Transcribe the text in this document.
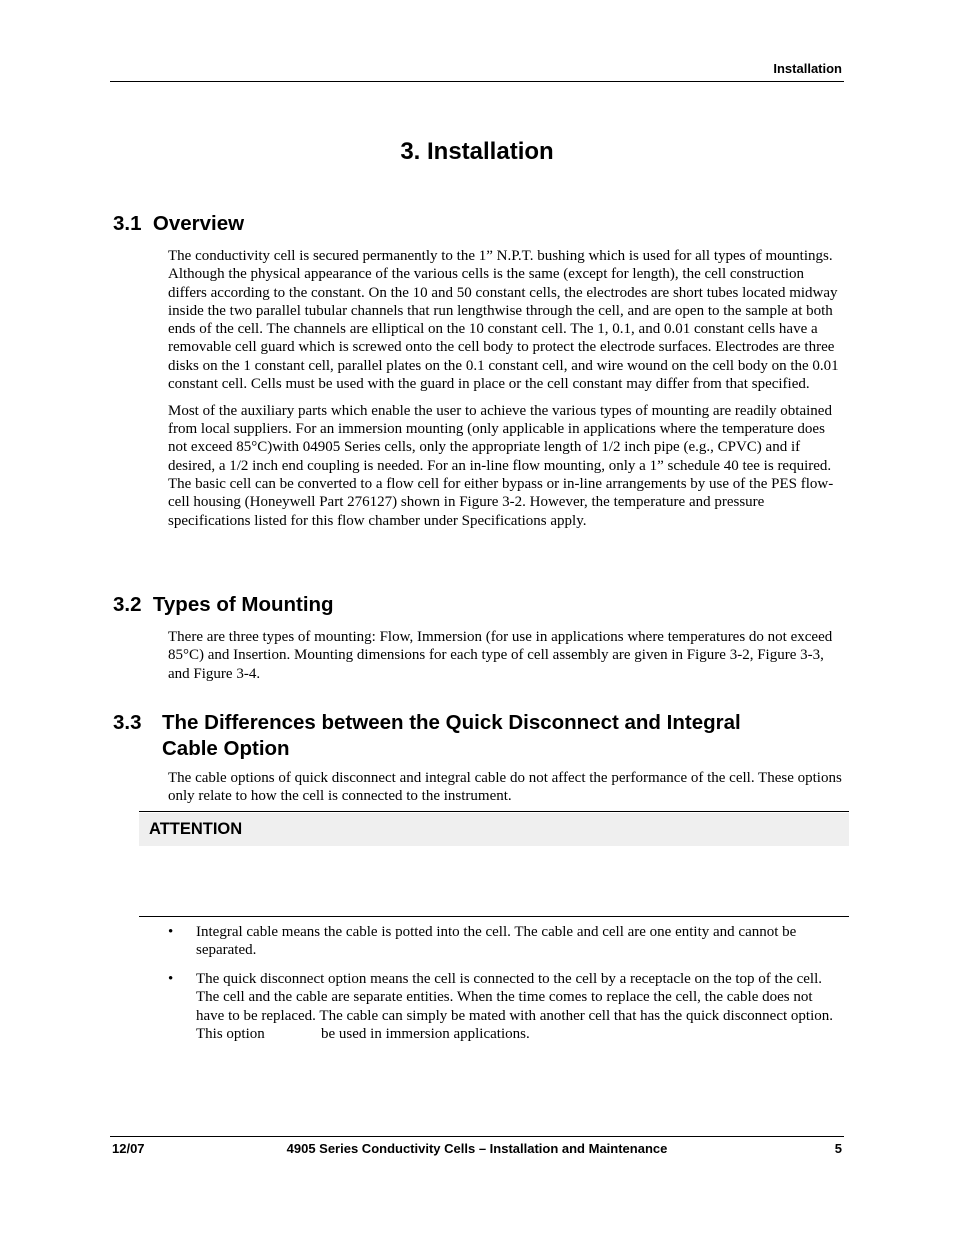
Installation
3. Installation
3.1 Overview

The conductivity cell is secured permanently to the 1” N.P.T. bushing which is used for all types of mountings. Although the physical appearance of the various cells is the same (except for length), the cell construction differs according to the constant. On the 10 and 50 constant cells, the electrodes are short tubes located midway inside the two parallel tubular channels that run lengthwise through the cell, and are open to the sample at both ends of the cell. The channels are elliptical on the 10 constant cell. The 1, 0.1, and 0.01 constant cells have a removable cell guard which is screwed onto the cell body to protect the electrode surfaces. Electrodes are three disks on the 1 constant cell, parallel plates on the 0.1 constant cell, and wire wound on the cell body on the 0.01 constant cell. Cells must be used with the guard in place or the cell constant may differ from that specified.

Most of the auxiliary parts which enable the user to achieve the various types of mounting are readily obtained from local suppliers. For an immersion mounting (only applicable in applications where the temperature does not exceed 85°C)with 04905 Series cells, only the appropriate length of 1/2 inch pipe (e.g., CPVC) and if desired, a 1/2 inch end coupling is needed. For an in-line flow mounting, only a 1” schedule 40 tee is required. The basic cell can be converted to a flow cell for either bypass or in-line arrangements by use of the PES flow-cell housing (Honeywell Part 276127) shown in Figure 3-2. However, the temperature and pressure specifications listed for this flow chamber under Specifications apply.

3.2 Types of Mounting

There are three types of mounting: Flow, Immersion (for use in applications where temperatures do not exceed 85°C) and Insertion. Mounting dimensions for each type of cell assembly are given in Figure 3-2, Figure 3-3, and Figure 3-4.

3.3 The Differences between the Quick Disconnect and Integral Cable Option

The cable options of quick disconnect and integral cable do not affect the performance of the cell. These options only relate to how the cell is connected to the instrument.

ATTENTION
• Integral cable means the cable is potted into the cell. The cable and cell are one entity and cannot be separated.
• The quick disconnect option means the cell is connected to the cell by a receptacle on the top of the cell. The cell and the cable are separate entities. When the time comes to replace the cell, the cable does not have to be replaced. The cable can simply be mated with another cell that has the quick disconnect option. This option               be used in immersion applications.
12/07	4905 Series Conductivity Cells – Installation and Maintenance	5
